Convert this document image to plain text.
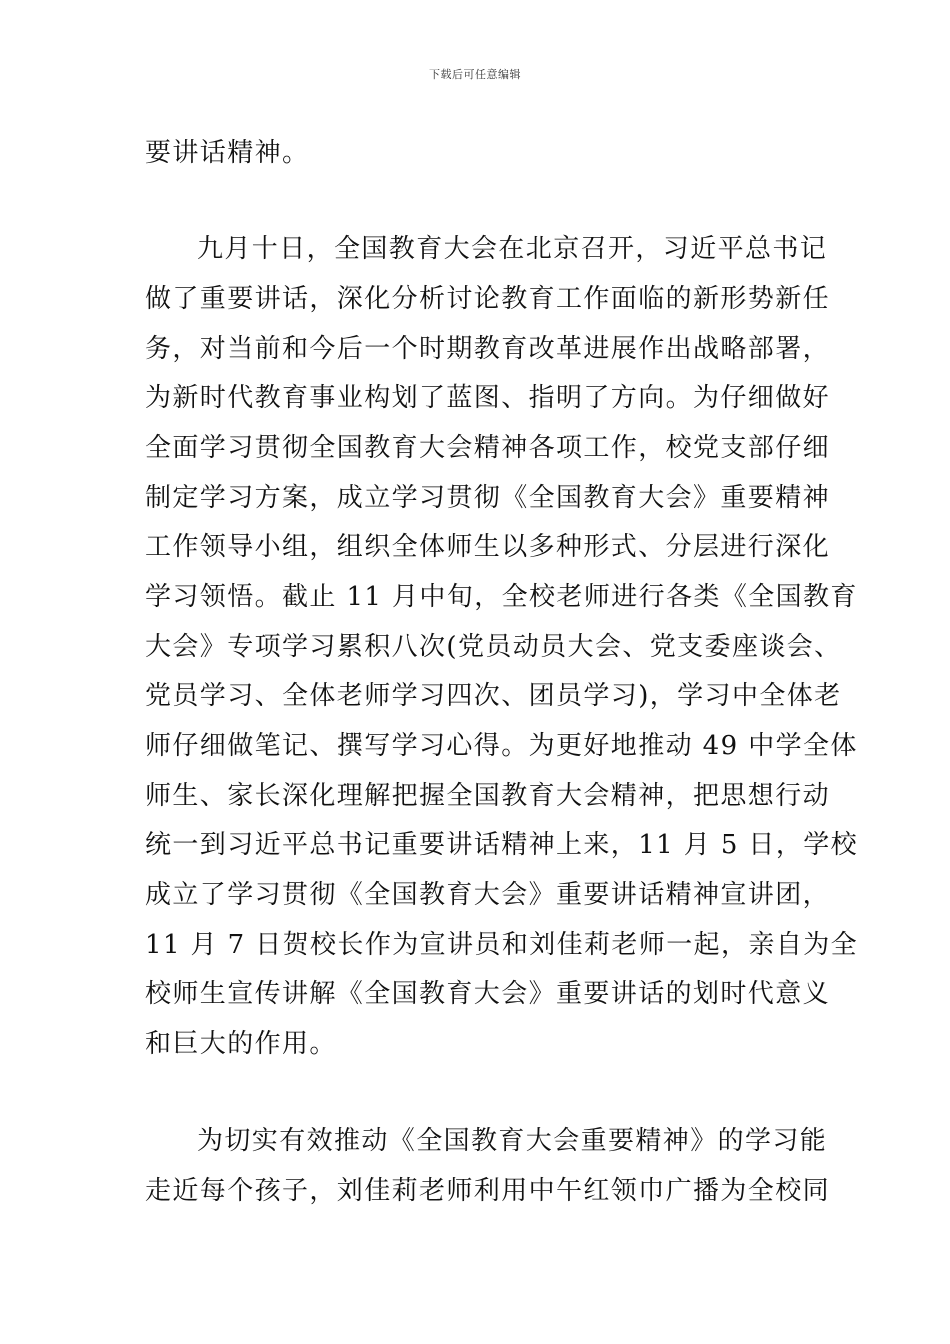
下载后可任意编辑
要讲话精神。
九月十日，全国教育大会在北京召开，习近平总书记
做了重要讲话，深化分析讨论教育工作面临的新形势新任
务，对当前和今后一个时期教育改革进展作出战略部署，
为新时代教育事业构划了蓝图、指明了方向。为仔细做好
全面学习贯彻全国教育大会精神各项工作，校党支部仔细
制定学习方案，成立学习贯彻《全国教育大会》重要精神
工作领导小组，组织全体师生以多种形式、分层进行深化
学习领悟。截止 11 月中旬，全校老师进行各类《全国教育
大会》专项学习累积八次(党员动员大会、党支委座谈会、
党员学习、全体老师学习四次、团员学习)，学习中全体老
师仔细做笔记、撰写学习心得。为更好地推动 49 中学全体
师生、家长深化理解把握全国教育大会精神，把思想行动
统一到习近平总书记重要讲话精神上来，11 月 5 日，学校
成立了学习贯彻《全国教育大会》重要讲话精神宣讲团，
11 月 7 日贺校长作为宣讲员和刘佳莉老师一起，亲自为全
校师生宣传讲解《全国教育大会》重要讲话的划时代意义
和巨大的作用。
为切实有效推动《全国教育大会重要精神》的学习能
走近每个孩子，刘佳莉老师利用中午红领巾广播为全校同
